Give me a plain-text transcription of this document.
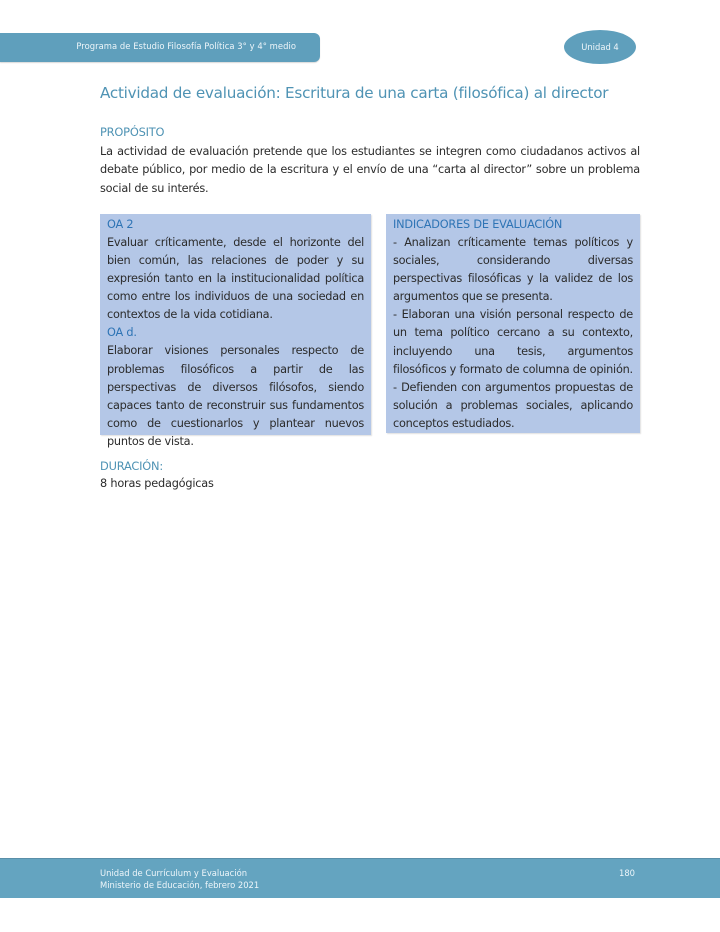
Programa de Estudio Filosofía Política 3° y 4° medio	Unidad 4
Actividad de evaluación: Escritura de una carta (filosófica) al director
PROPÓSITO
La actividad de evaluación pretende que los estudiantes se integren como ciudadanos activos al debate público, por medio de la escritura y el envío de una “carta al director” sobre un problema social de su interés.
OA 2
Evaluar críticamente, desde el horizonte del bien común, las relaciones de poder y su expresión tanto en la institucionalidad política como entre los individuos de una sociedad en contextos de la vida cotidiana.
OA d.
Elaborar visiones personales respecto de problemas filosóficos a partir de las perspectivas de diversos filósofos, siendo capaces tanto de reconstruir sus fundamentos como de cuestionarlos y plantear nuevos puntos de vista.
INDICADORES DE EVALUACIÓN
- Analizan críticamente temas políticos y sociales, considerando diversas perspectivas filosóficas y la validez de los argumentos que se presenta.
- Elaboran una visión personal respecto de un tema político cercano a su contexto, incluyendo una tesis, argumentos filosóficos y formato de columna de opinión.
- Defienden con argumentos propuestas de solución a problemas sociales, aplicando conceptos estudiados.
DURACIÓN:
8 horas pedagógicas
Unidad de Currículum y Evaluación
Ministerio de Educación, febrero 2021
180
